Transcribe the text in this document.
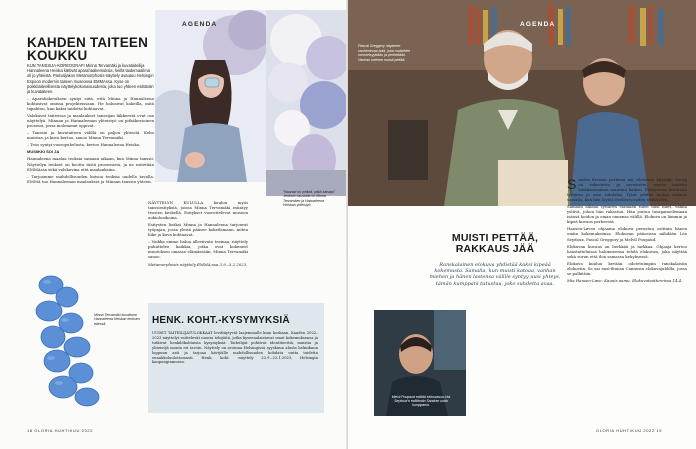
AGENDA
"Nauravi on pelkkä, pitkä katsaja" -teoksen taustalla on Minna Tervamäen ja Hannaleena Heiskan yhteistyö.
KAHDEN TAITEEN KOUKKU

KUN TANSSIJA-KOREOGRAFI Minna Tervamäki ja kuvataiteilija Hannaleena Heiska kättivät aparahaakemuksia, heillä taidemaailma oli jo yhteistä. Parivaljakon Metamorphosis-näyttely avautuu Helsingin Espoon modernin taiteen museossa EMMAssa. Kyse on poikkitaiteellisesta näyttelykokonaisuudesta, joka tuo yhteen esittävän ja kuvataiteen.

– Aparahaketuksen syntyi siitä, että Minna ja Hannaleena kohtasivat omissa projekteissaan. He halusivat kokeilla, mitä tapahtuu, kun kaksi taidetta kohtaavat.

Valokuvat taiteessa ja maalaukset tanssijan liikkeestä ovat osa näyttelyä. Minnan ja Hannaleenan yhteistyö on pitkäkestoinen prosessi, jossa molemmat oppivat.

– Tanssin ja kuvataiteen välillä on paljon yhteistä. Keho muistaa, ja kuva kertoo, sanoo Minna Tervamäki.

– Teos syntyi vuoropuhelusta, kertoo Hannaleena Heiska.

MUSIIKKI SOI JA

Hannaleena maalaa teoksia samaan aikaan, kun Minna tanssii. Näyttelyn teokset on koottu tästä prosessista, ja ne esitetään EMMAssa sekä valokuvina että maalauksina.

– Tarjoamme mahdollisuuden katsoa teoksia uudella tavalla. EMMA tuo Hannaleenan maalaukset ja Minnan tanssin yhteen.

NÄYTTELYN KULULLA kuuluu myös tanssiesityksiä, joissa Minna Tervamäki esiintyy teosten keskellä. Esitykset vuorottelevat museon aukioloaikoina.

Esitysten lisäksi Minna ja Hannaleena tarjoavat työpajan, jossa yleisö pääsee kokeilemaan, miten liike ja kuva kohtaavat.

– Vaikka emme halua alleviivata teemaa, näyttely puhuttelee kaikkia, jotka ovat kokeneet muutoksen omassa elämässään, Minna Tervamäki sanoo.

Metamorphosis näyttely EMMA:ssa 3.9.–5.2.2023.

Minna Tervamäki kuvattuna Hannaleena Heiskan teoksen edessä.	HENK. KOHT.-KYSYMYKSIÄ

UUDET TAITEILIJATULOKKAAT levittäytyvät laajemmalle kuin koskaan. Kauden 2022–2023 näyttelyt esittelevät nuoria tekijöitä, jotka kyseenalaistavat omat kokemuksensa ja tutkivat henkilökohtaisia kysymyksiä. Taiteilijat pohtivat identiteettiä, muistia ja yhteisöjä monin eri tavoin. Näyttely on avoinna Helsingissä syyskuun alusta helmikuun loppuun asti ja tarjoaa kävijöille mahdollisuuden kohdata uutta taidetta ennakkoluulottomasti. Henk. koht. -näyttely 22.9.–22.1.2023, Helsingin kaupunginmuseo.

18 GLORIA HUHTIKUU 2022
AGENDA
Pascal Greggory näyttelee vanhenevaa isää, joka muistelee menneisyyttään ja perhettään. Vanhan miehen muisti pettää.
MUISTI PETTÄÄ, RAKKAUS JÄÄ

Ranskalainen elokuva yhdistää kaksi kipeää kokemusta. Samalla, kun muisti katoaa, vanhan miehen ja hänen lastensa välille syntyy uusi yhteys, tämän kumppani tutustuu, joko suhdetta avaa.

Sandra Kienzin perheen isä, elokuvan kirjailija Georg on rakastettu ja arvostettu, mutta muistin heikkeneminen muuttaa kaiken. Elokuvassa kuvataan tyttären ja isän suhdetta. Tytär yrittää hoitaa isäänsä samalla, kun hän löytää itselleen uuden rakkauden.

Samaan aikaan tyttären elämään tulee uusi mies, vanha ystävä, johon hän rakastuu. Hän joutuu tasapainoilemaan isänsä hoidon ja oman onnensa välillä. Elokuva on lämmin ja kipeä kuvaus perheestä.

Hansen-Løven ohjaama elokuva perustuu osittain hänen omiin kokemuksiinsa. Elokuvan pääosissa nähdään Léa Seydoux, Pascal Greggory ja Melvil Poupaud.

Elokuvan kuvaus on herkkää ja tarkkaa. Ohjaaja kertoo haastatteluissa halunneensa tehdä elokuvan, joka näyttää sekä surun että ilon samassa kehyksessä.

Elokuva kuuluu kevään odotetuimpiin ranskalaisiin elokuviin. Se sai ensi-iltansa Cannesin elokuvajuhlilla, jossa se palkittiin.

Mia Hansen-Løve: Kaunis aamu. Elokuvateattereissa 14.4.

Melvil Poupaud esittää elokuvassa Léa Seydoux'n esittämän Sandran uutta kumppania.
GLORIA HUHTIKUU 2022 19
